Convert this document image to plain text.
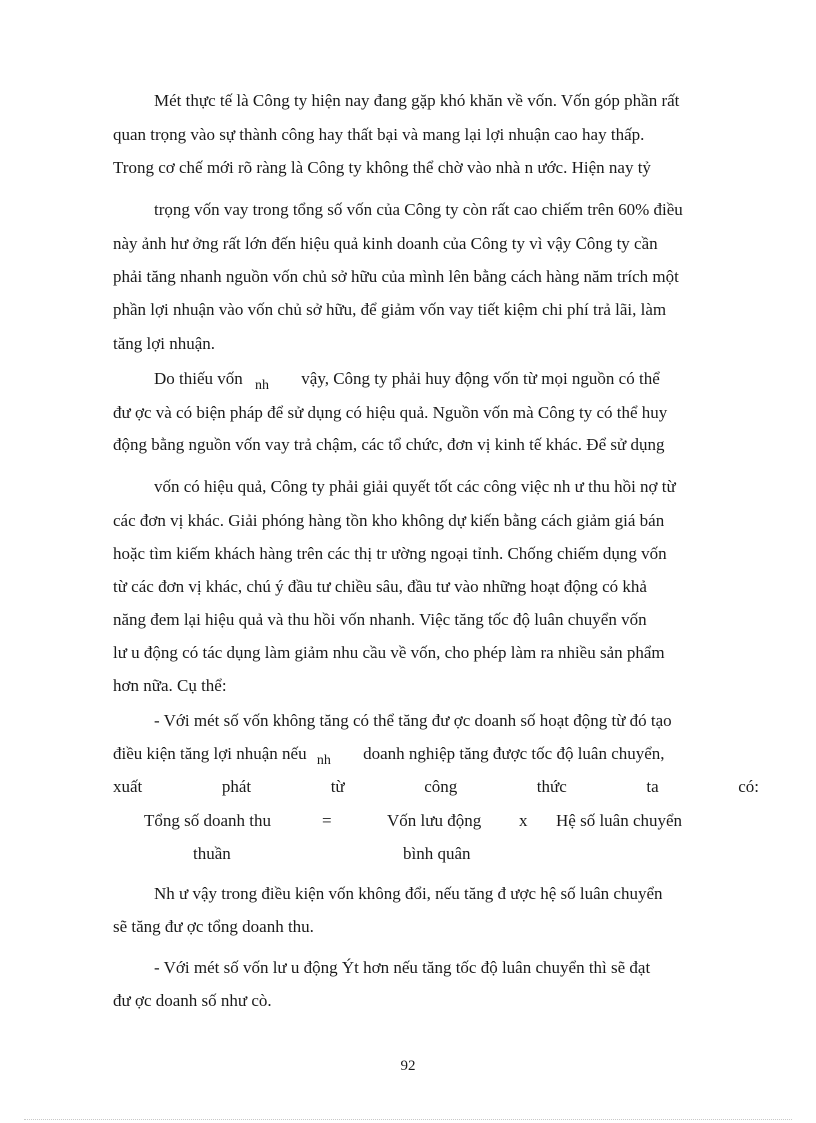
Mét thực tế là Công ty hiện nay đang gặp khó khăn về vốn. Vốn góp phần rất
quan trọng vào sự thành công hay thất bại và mang lại lợi nhuận cao hay thấp.
Trong cơ chế mới rõ ràng là Công ty không thể chờ vào nhà n ước. Hiện nay tỷ
trọng vốn vay trong tổng số vốn của Công ty còn rất cao chiếm trên 60% điều
này ảnh hư ởng rất lớn đến hiệu quả kinh doanh của Công ty vì vậy Công ty cần
phải tăng nhanh nguồn vốn chủ sở hữu của mình lên bằng cách hàng năm trích một
phần lợi nhuận vào vốn chủ sở hữu, để giảm vốn vay tiết kiệm chi phí trả lãi, làm
tăng lợi nhuận.
Do thiếu vốn $_{nh}$ vậy, Công ty phải huy động vốn từ mọi nguồn có thể
đư ợc và có biện pháp để sử dụng có hiệu quả. Nguồn vốn mà Công ty có thể huy
động bằng nguồn vốn vay trả chậm, các tổ chức, đơn vị kinh tế khác. Để sử dụng
vốn có hiệu quả, Công ty phải giải quyết tốt các công việc nh ư thu hồi nợ từ
các đơn vị khác. Giải phóng hàng tồn kho không dự kiến bằng cách giảm giá bán
hoặc tìm kiếm khách hàng trên các thị tr ường ngoại tỉnh. Chống chiếm dụng vốn
từ các đơn vị khác, chú ý đầu tư chiều sâu, đầu tư vào những hoạt động có khả
năng đem lại hiệu quả và thu hồi vốn nhanh. Việc tăng tốc độ luân chuyển vốn
lư u động có tác dụng làm giảm nhu cầu về vốn, cho phép làm ra nhiều sản phẩm
hơn nữa. Cụ thể:
- Với mét số vốn không tăng có thể tăng đư ợc doanh số hoạt động từ đó tạo
điều kiện tăng lợi nhuận nếu $_{nh}$ doanh nghiệp tăng được tốc độ luân chuyển,
xuất	phát	từ	công	thức	ta	có:
Tổng số doanh thu
thuần
=	Vốn lưu động
bình quân
x Hệ số luân chuyển
Nh ư vậy trong điều kiện vốn không đổi, nếu tăng đ ược hệ số luân chuyển
sẽ tăng đư ợc tổng doanh thu.
- Với mét số vốn lư u động Ýt hơn nếu tăng tốc độ luân chuyển thì sẽ đạt
đư ợc doanh số như cò.
92
